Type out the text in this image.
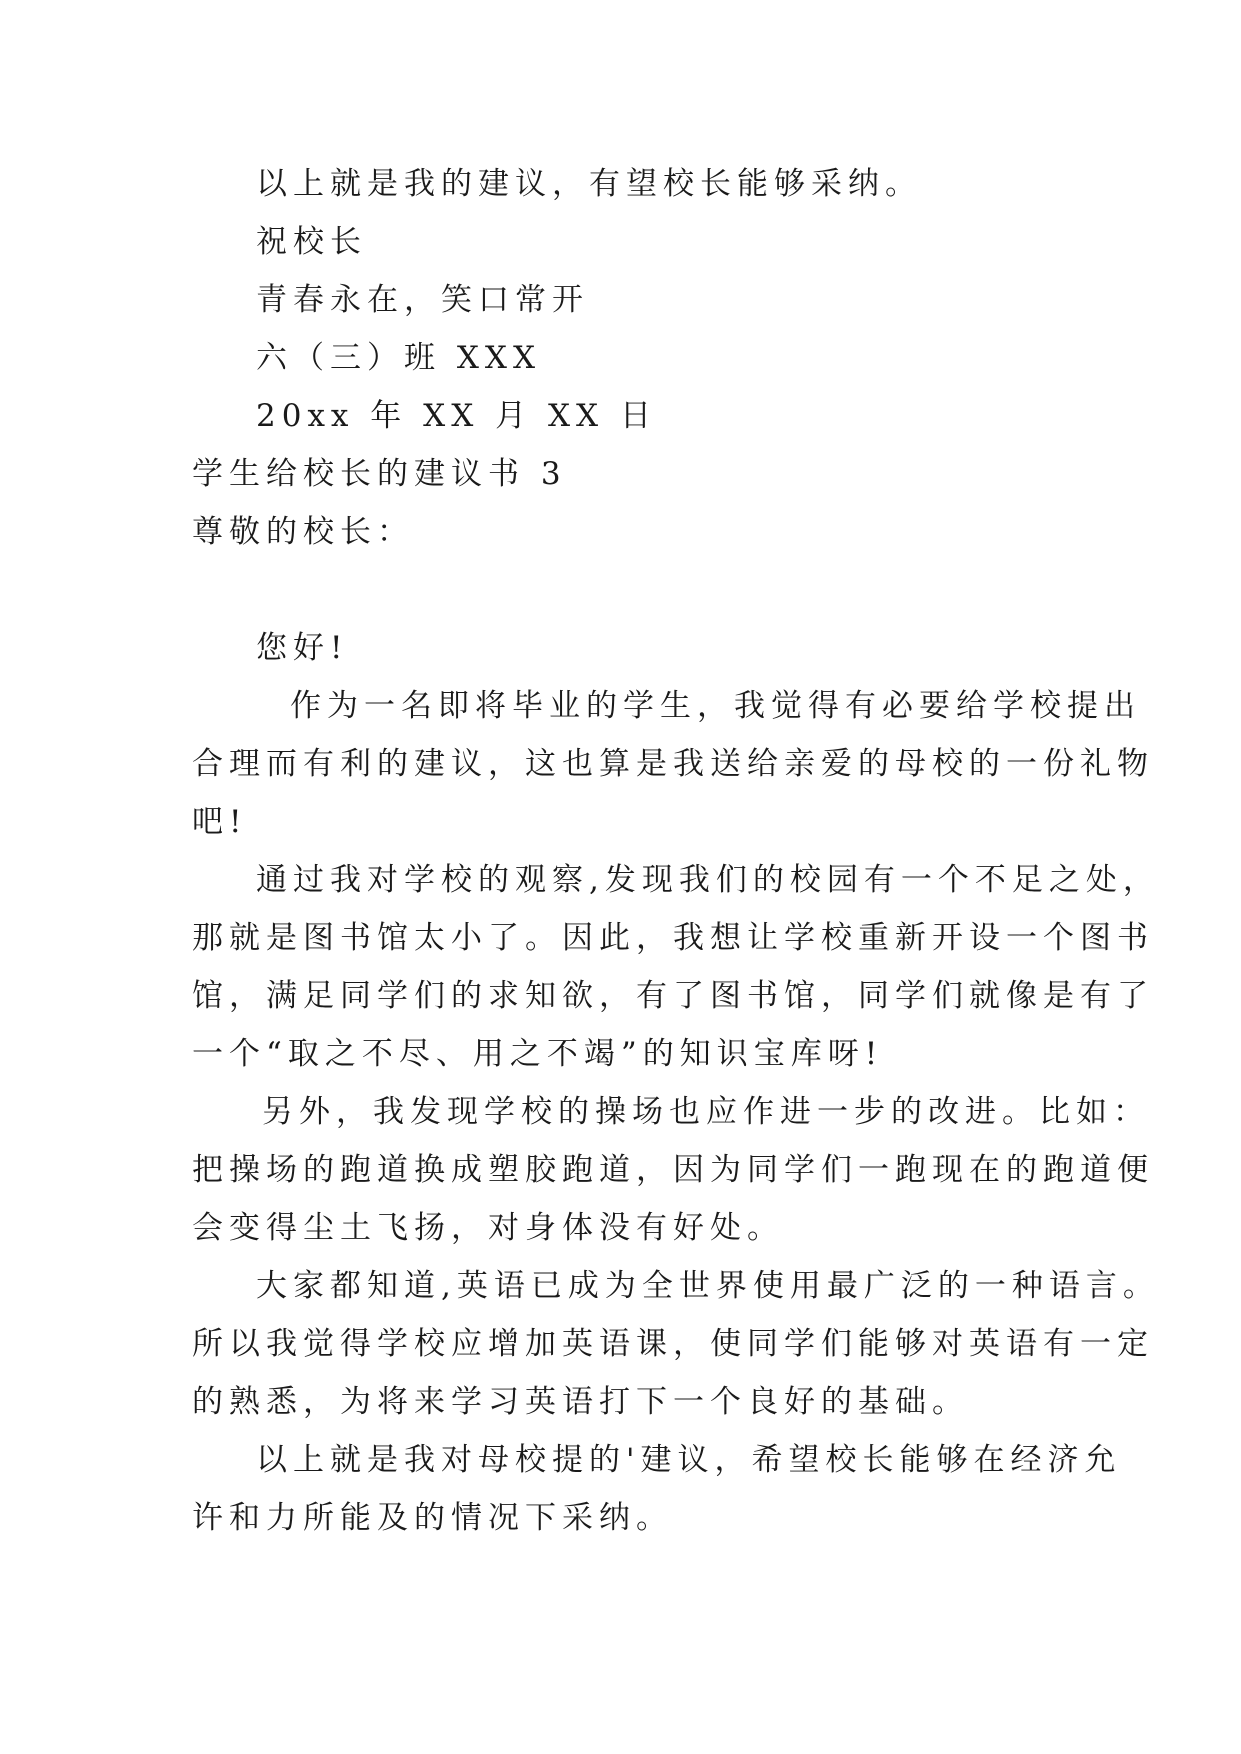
以上就是我的建议，有望校长能够采纳。
祝校长
青春永在，笑口常开
六（三）班 XXX
20xx 年 XX 月 XX 日
学生给校长的建议书 3
尊敬的校长：
您好!
作为一名即将毕业的学生，我觉得有必要给学校提出
合理而有利的建议，这也算是我送给亲爱的母校的一份礼物
吧!
通过我对学校的观察,发现我们的校园有一个不足之处，
那就是图书馆太小了。因此，我想让学校重新开设一个图书
馆，满足同学们的求知欲，有了图书馆，同学们就像是有了
一个“取之不尽、用之不竭”的知识宝库呀!
另外，我发现学校的操场也应作进一步的改进。比如：
把操场的跑道换成塑胶跑道，因为同学们一跑现在的跑道便
会变得尘土飞扬，对身体没有好处。
大家都知道,英语已成为全世界使用最广泛的一种语言。
所以我觉得学校应增加英语课，使同学们能够对英语有一定
的熟悉，为将来学习英语打下一个良好的基础。
以上就是我对母校提的'建议，希望校长能够在经济允
许和力所能及的情况下采纳。
